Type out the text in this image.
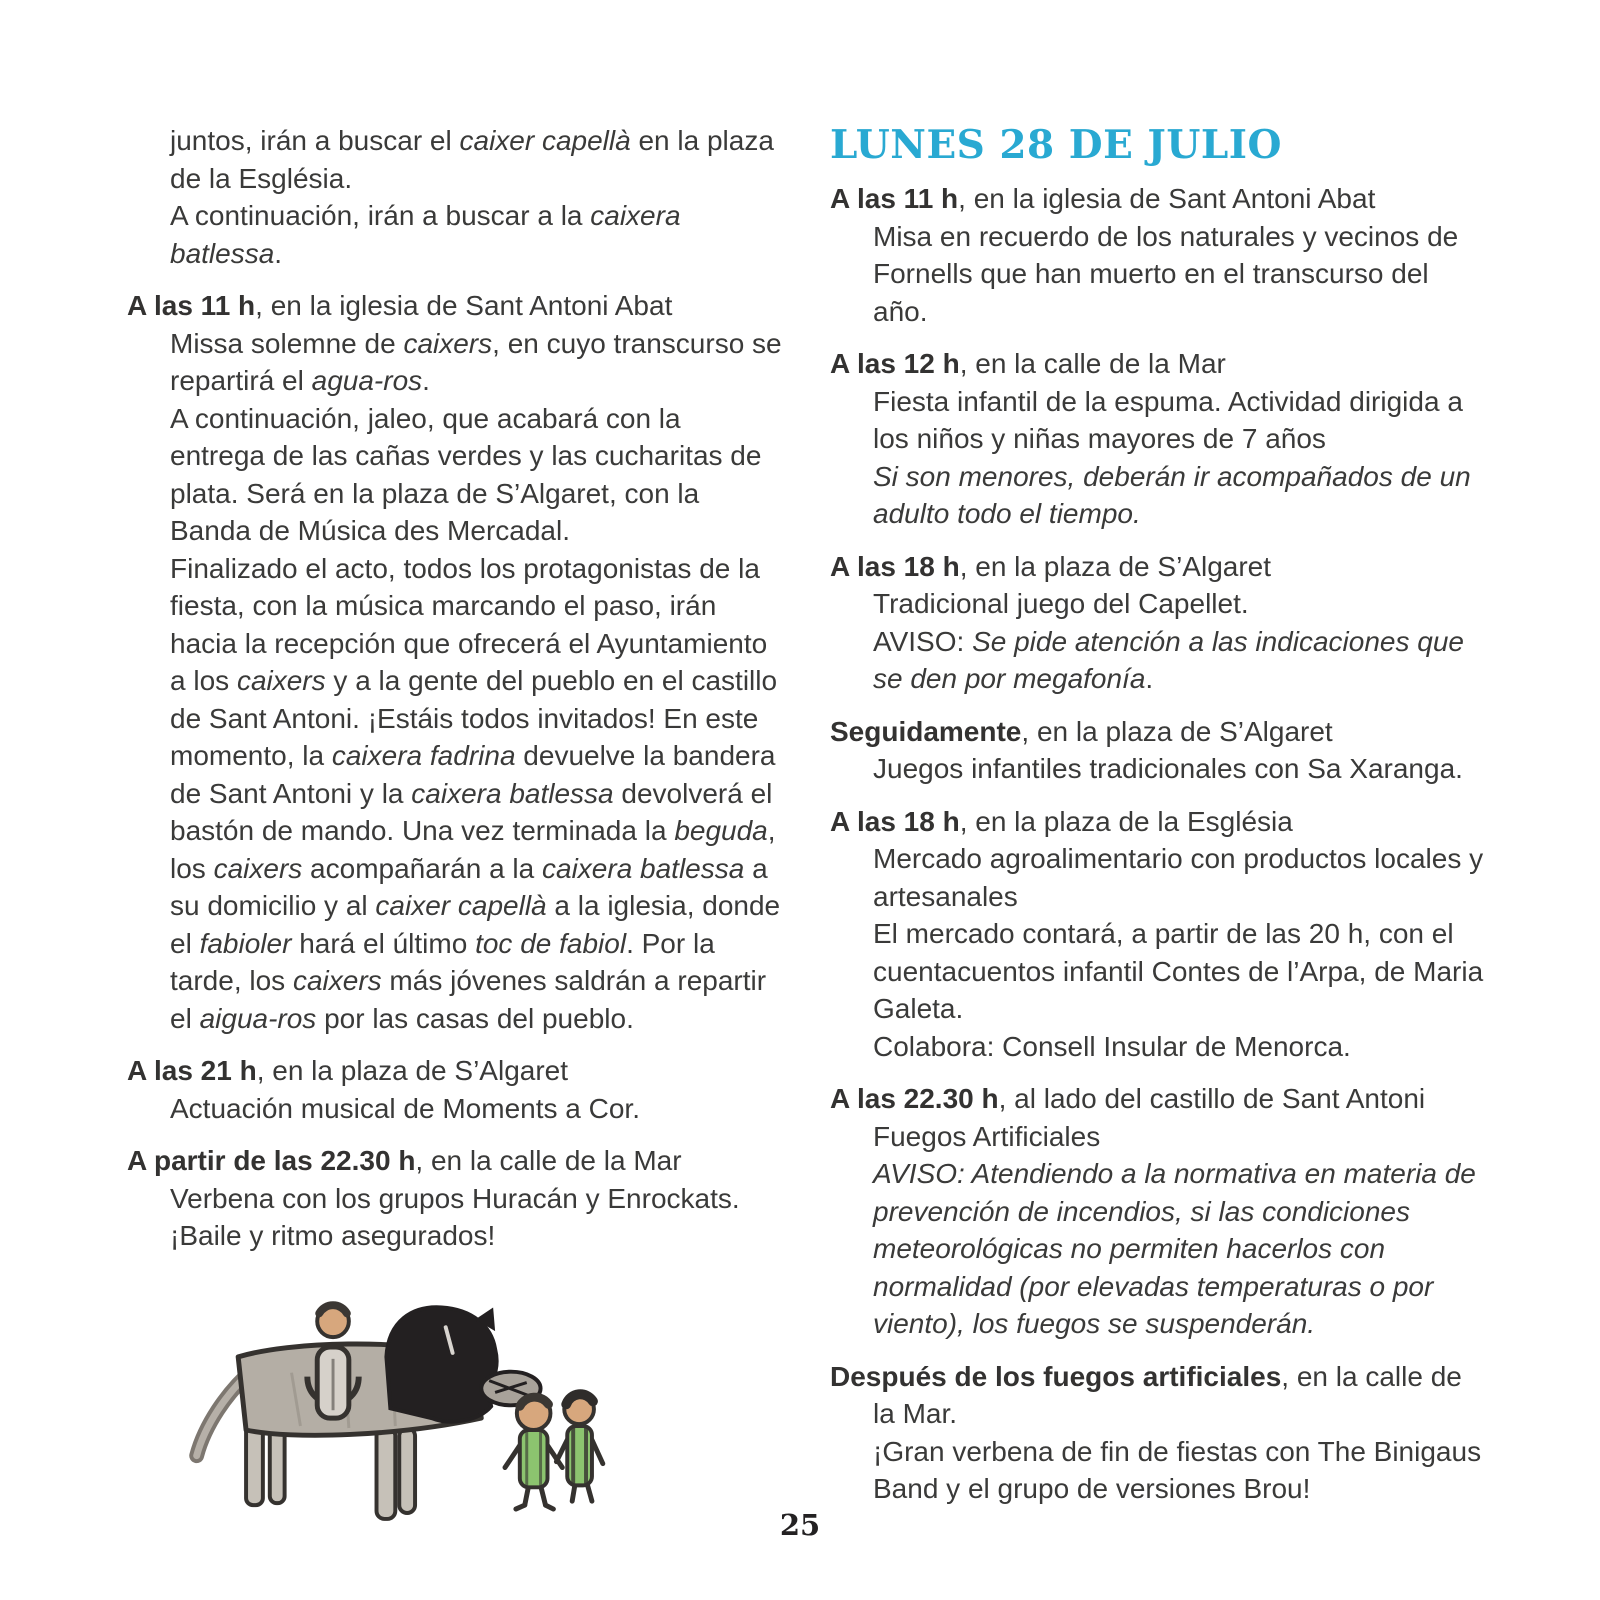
juntos, irán a buscar el caixer capellà en la plaza de la Església.

A continuación, irán a buscar a la caixera batlessa.

A las 11 h, en la iglesia de Sant Antoni Abat

Missa solemne de caixers, en cuyo transcurso se repartirá el agua-ros.

A continuación, jaleo, que acabará con la entrega de las cañas verdes y las cucharitas de plata. Será en la plaza de S’Algaret, con la Banda de Música des Mercadal.

Finalizado el acto, todos los protagonistas de la fiesta, con la música marcando el paso, irán hacia la recepción que ofrecerá el Ayuntamiento a los caixers y a la gente del pueblo en el castillo de Sant Antoni. ¡Estáis todos invitados! En este momento, la caixera fadrina devuelve la bandera de Sant Antoni y la caixera batlessa devolverá el bastón de mando. Una vez terminada la beguda, los caixers acompañarán a la caixera batlessa a su domicilio y al caixer capellà a la iglesia, donde el fabioler hará el último toc de fabiol. Por la tarde, los caixers más jóvenes saldrán a repartir el aigua-ros por las casas del pueblo.

A las 21 h, en la plaza de S’Algaret

Actuación musical de Moments a Cor.

A partir de las 22.30 h, en la calle de la Mar

Verbena con los grupos Huracán y Enrockats. ¡Baile y ritmo asegurados!

LUNES 28 DE JULIO

A las 11 h, en la iglesia de Sant Antoni Abat

Misa en recuerdo de los naturales y vecinos de Fornells que han muerto en el transcurso del año.

A las 12 h, en la calle de la Mar

Fiesta infantil de la espuma. Actividad dirigida a los niños y niñas mayores de 7 años

Si son menores, deberán ir acompañados de un adulto todo el tiempo.

A las 18 h, en la plaza de S’Algaret

Tradicional juego del Capellet.

AVISO: Se pide atención a las indicaciones que se den por megafonía.

Seguidamente, en la plaza de S’Algaret

Juegos infantiles tradicionales con Sa Xaranga.

A las 18 h, en la plaza de la Església

Mercado agroalimentario con productos locales y artesanales

El mercado contará, a partir de las 20 h, con el cuentacuentos infantil Contes de l’Arpa, de Maria Galeta.

Colabora: Consell Insular de Menorca.

A las 22.30 h, al lado del castillo de Sant Antoni

Fuegos Artificiales

AVISO: Atendiendo a la normativa en materia de prevención de incendios, si las condiciones meteorológicas no permiten hacerlos con normalidad (por elevadas temperaturas o por viento), los fuegos se suspenderán.

Después de los fuegos artificiales, en la calle de la Mar.

¡Gran verbena de fin de fiestas con The Binigaus Band y el grupo de versiones Brou!

25
